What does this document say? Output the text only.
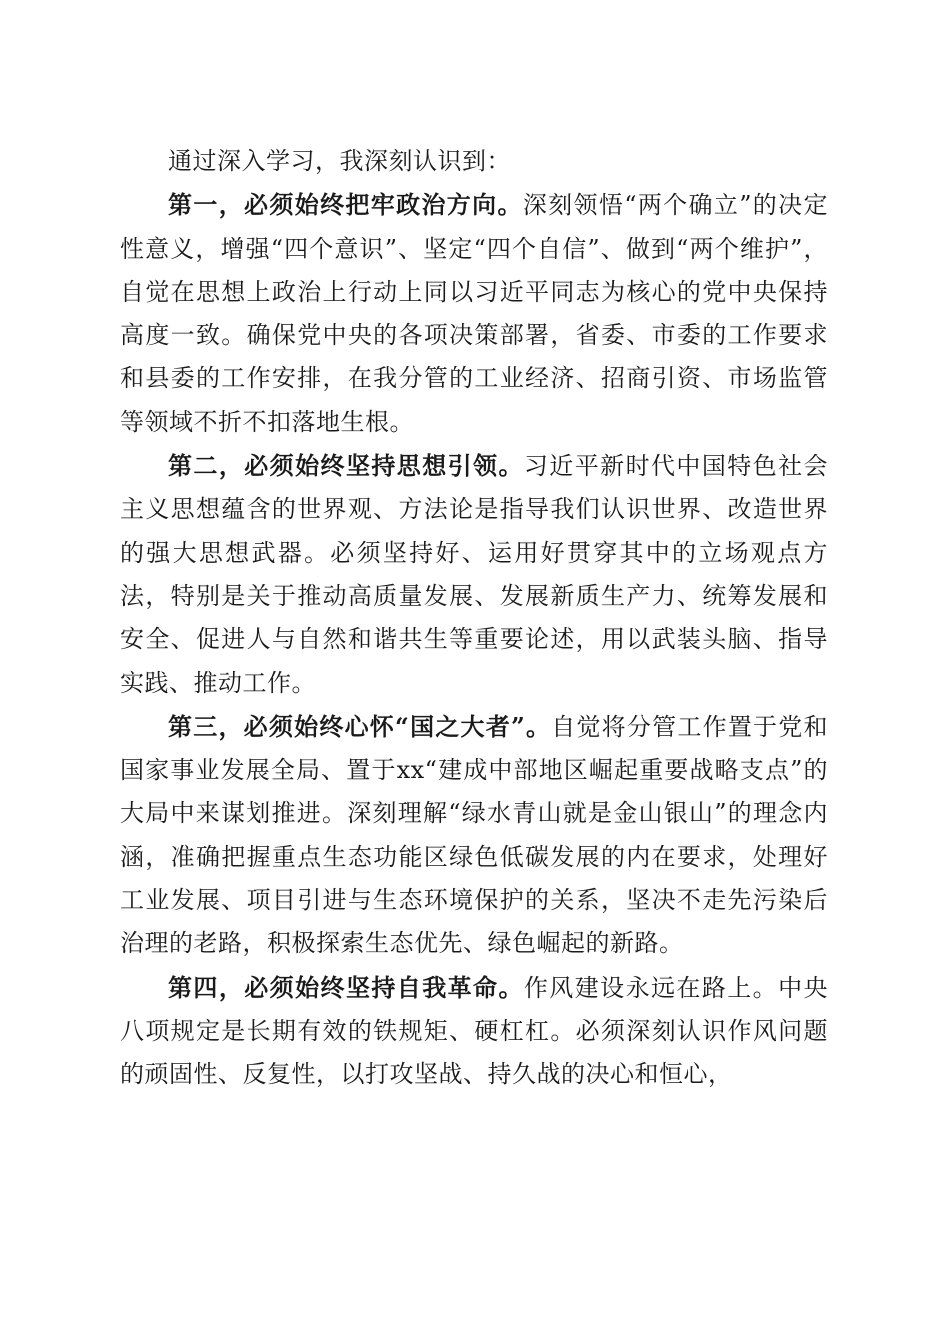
通过深入学习，我深刻认识到：

第一，必须始终把牢政治方向。深刻领悟“两个确立”的决定性意义，增强“四个意识”、坚定“四个自信”、做到“两个维护”，自觉在思想上政治上行动上同以习近平同志为核心的党中央保持高度一致。确保党中央的各项决策部署，省委、市委的工作要求和县委的工作安排，在我分管的工业经济、招商引资、市场监管等领域不折不扣落地生根。

第二，必须始终坚持思想引领。习近平新时代中国特色社会主义思想蕴含的世界观、方法论是指导我们认识世界、改造世界的强大思想武器。必须坚持好、运用好贯穿其中的立场观点方法，特别是关于推动高质量发展、发展新质生产力、统筹发展和安全、促进人与自然和谐共生等重要论述，用以武装头脑、指导实践、推动工作。

第三，必须始终心怀“国之大者”。自觉将分管工作置于党和国家事业发展全局、置于xx“建成中部地区崛起重要战略支点”的大局中来谋划推进。深刻理解“绿水青山就是金山银山”的理念内涵，准确把握重点生态功能区绿色低碳发展的内在要求，处理好工业发展、项目引进与生态环境保护的关系，坚决不走先污染后治理的老路，积极探索生态优先、绿色崛起的新路。

第四，必须始终坚持自我革命。作风建设永远在路上。中央八项规定是长期有效的铁规矩、硬杠杠。必须深刻认识作风问题的顽固性、反复性，以打攻坚战、持久战的决心和恒心，
